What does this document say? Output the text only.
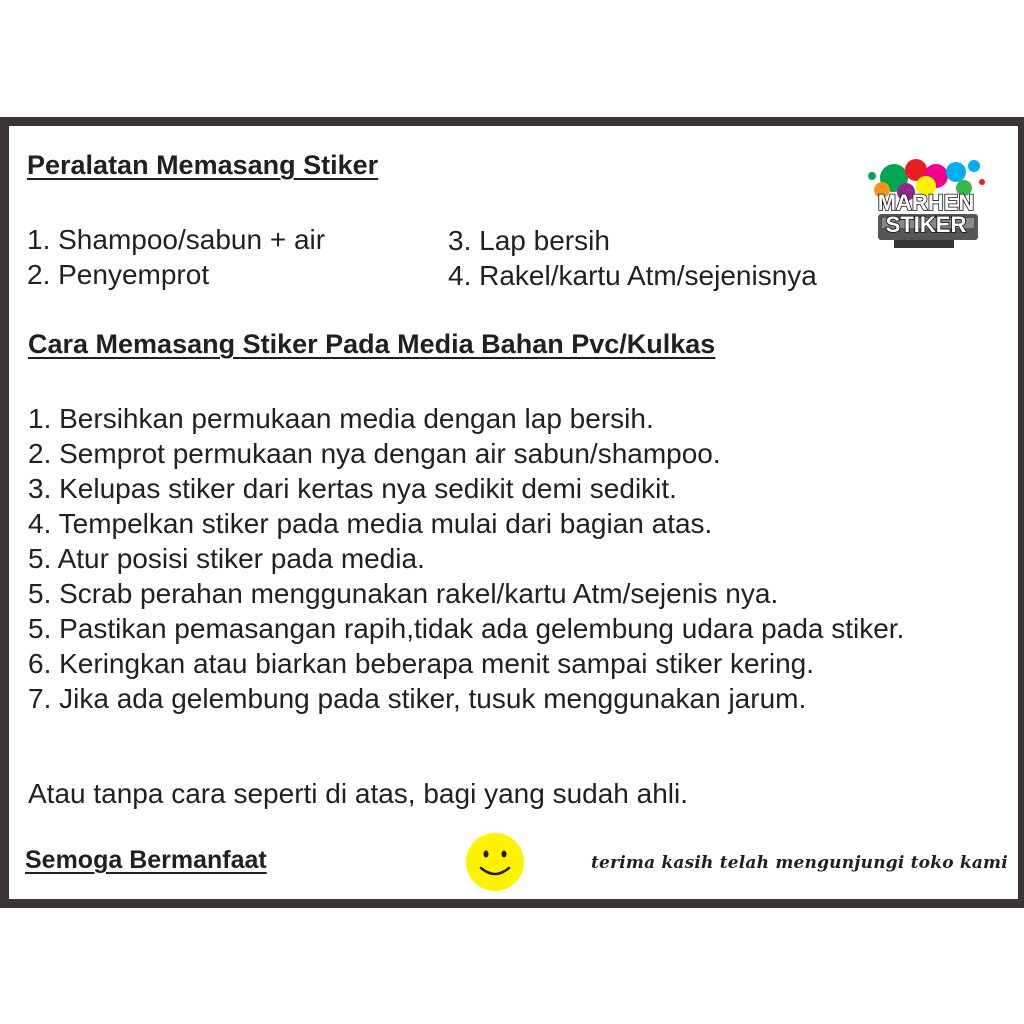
Peralatan Memasang Stiker
1. Shampoo/sabun + air
2. Penyemprot
3. Lap bersih
4. Rakel/kartu Atm/sejenisnya
MARHEN
STIKER
Cara Memasang Stiker Pada Media Bahan Pvc/Kulkas
1. Bersihkan permukaan media dengan lap bersih.
2. Semprot permukaan nya dengan air sabun/shampoo.
3. Kelupas stiker dari kertas nya sedikit demi sedikit.
4. Tempelkan stiker pada media mulai dari bagian atas.
5. Atur posisi stiker pada media.
5. Scrab perahan menggunakan rakel/kartu Atm/sejenis nya.
5. Pastikan pemasangan rapih,tidak ada gelembung udara pada stiker.
6. Keringkan atau biarkan beberapa menit sampai stiker kering.
7. Jika ada gelembung pada stiker, tusuk menggunakan jarum.

Atau tanpa cara seperti di atas, bagi yang sudah ahli.

Semoga Bermanfaat	terima kasih telah mengunjungi toko kami
